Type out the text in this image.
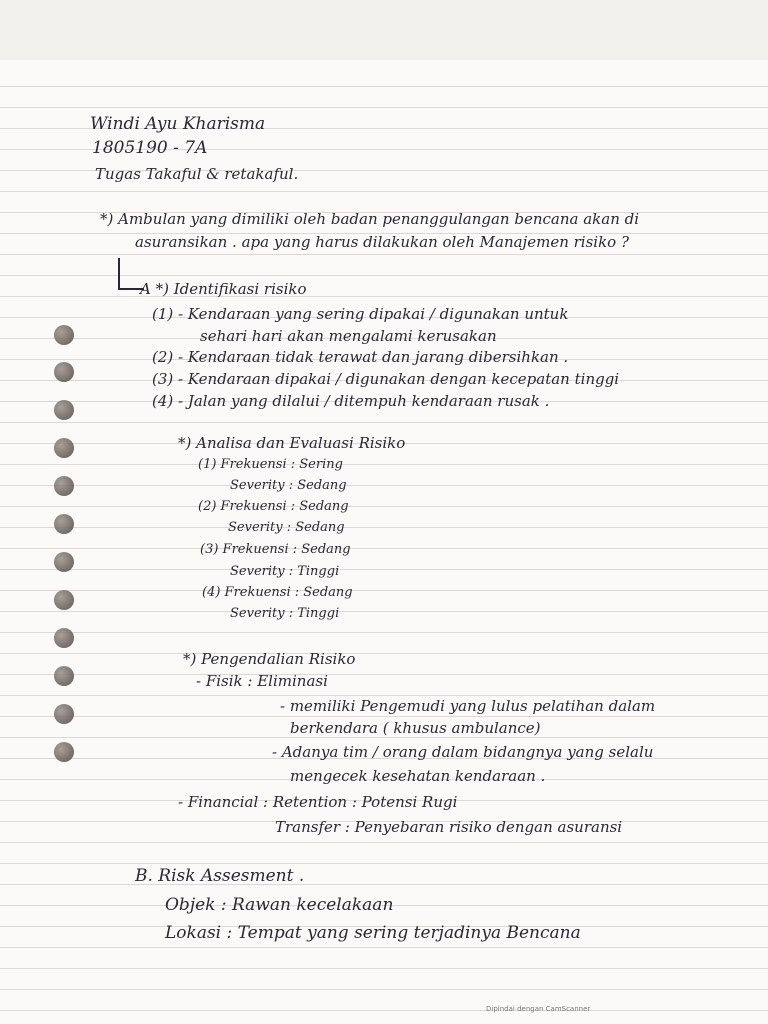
Windi Ayu Kharisma
1805190 - 7A
Tugas Takaful & retakaful.
*) Ambulan yang dimiliki oleh badan penanggulangan bencana akan di
asuransikan . apa yang harus dilakukan oleh Manajemen risiko ?
A *) Identifikasi risiko
(1) - Kendaraan yang sering dipakai / digunakan untuk
sehari hari akan mengalami kerusakan
(2) - Kendaraan tidak terawat dan jarang dibersihkan .
(3) - Kendaraan dipakai / digunakan dengan kecepatan tinggi
(4) - Jalan yang dilalui / ditempuh kendaraan rusak .
*) Analisa dan Evaluasi Risiko
(1) Frekuensi : Sering
Severity : Sedang
(2) Frekuensi : Sedang
Severity : Sedang
(3) Frekuensi : Sedang
Severity : Tinggi
(4) Frekuensi : Sedang
Severity : Tinggi
*) Pengendalian Risiko
- Fisik : Eliminasi
- memiliki Pengemudi yang lulus pelatihan dalam
berkendara ( khusus ambulance)
- Adanya tim / orang dalam bidangnya yang selalu
mengecek kesehatan kendaraan .
- Financial : Retention : Potensi Rugi
Transfer : Penyebaran risiko dengan asuransi
B. Risk Assesment .
Objek : Rawan kecelakaan
Lokasi : Tempat yang sering terjadinya Bencana
Dipindai dengan CamScanner
